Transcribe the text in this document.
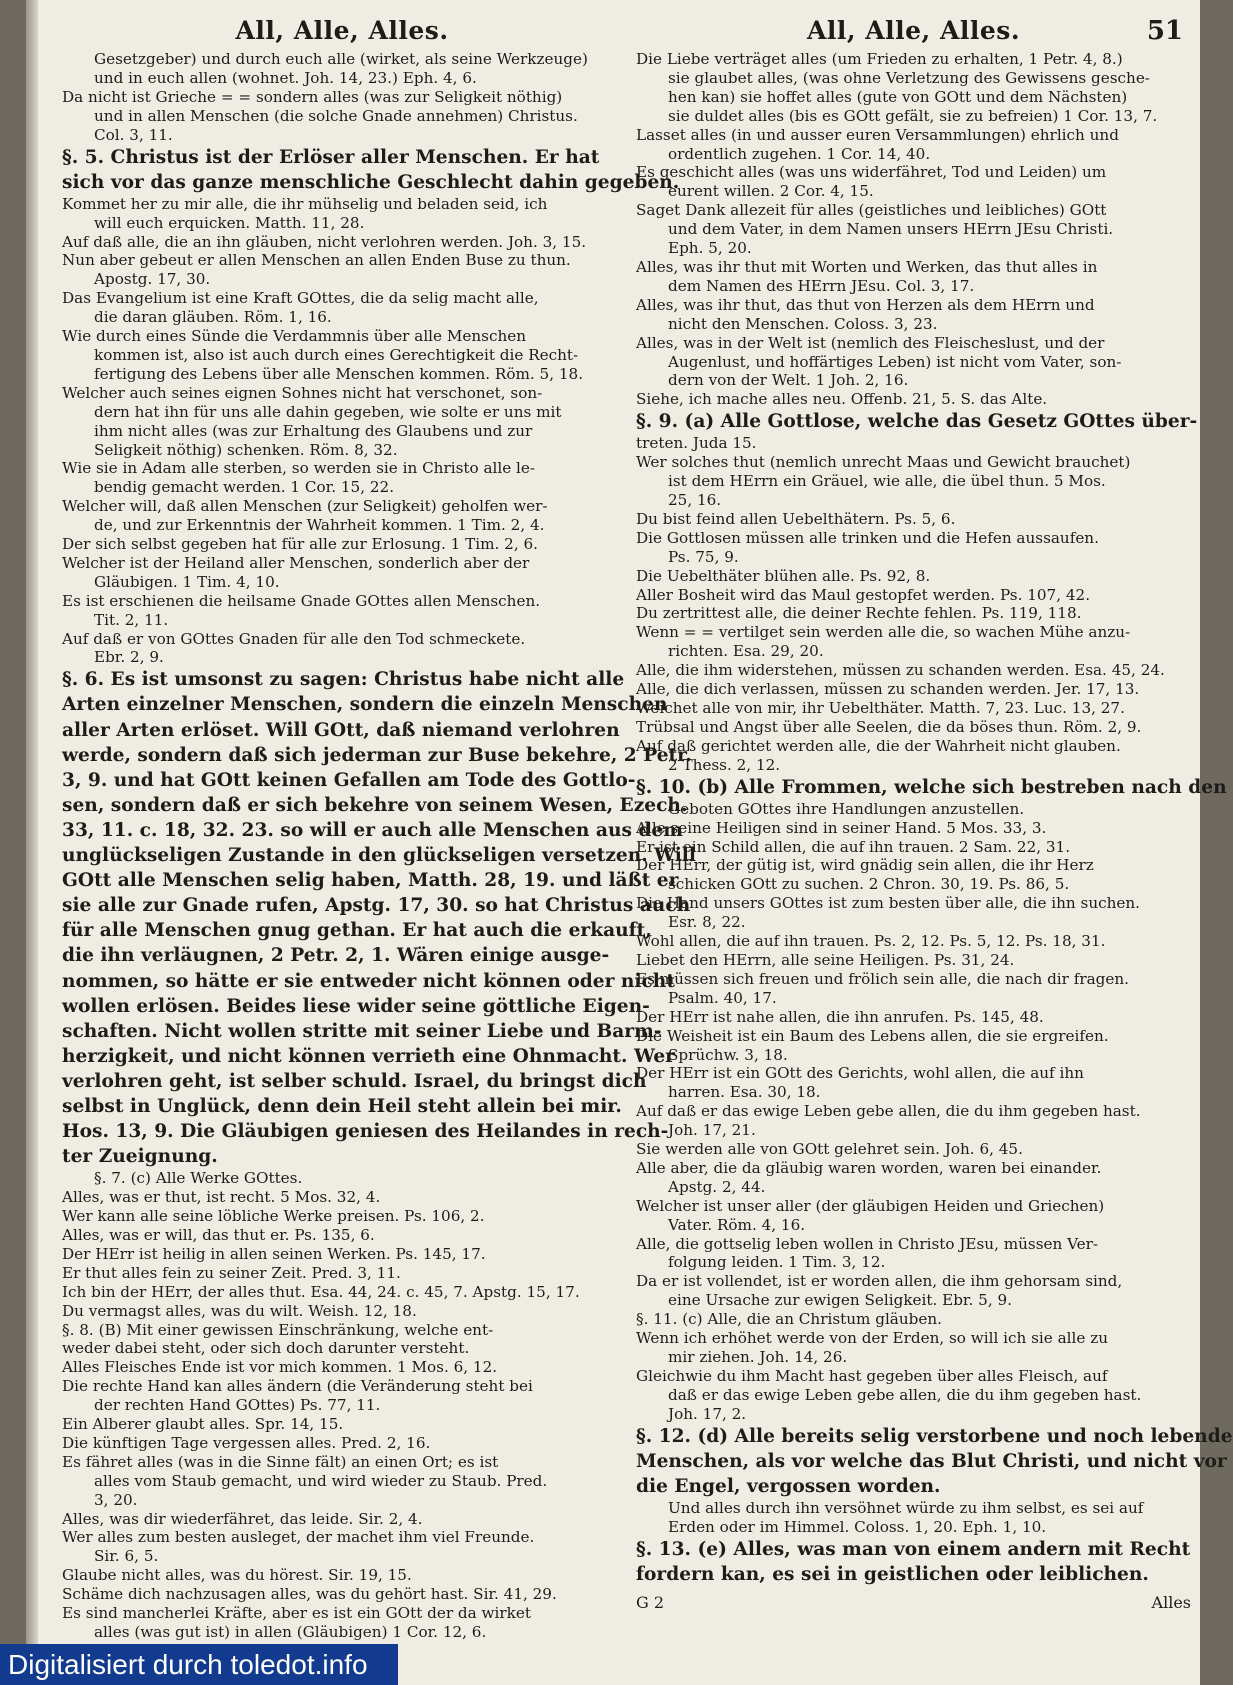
All, Alle, Alles.
Gesetzgeber) und durch euch alle (wirket, als seine Werkzeuge)
und in euch allen (wohnet. Joh. 14, 23.) Eph. 4, 6.
Da nicht ist Grieche = = sondern alles (was zur Seligkeit nöthig)
und in allen Menschen (die solche Gnade annehmen) Christus.
Col. 3, 11.
§. 5. Christus ist der Erlöser aller Menschen. Er hat
sich vor das ganze menschliche Geschlecht dahin gegeben.
Kommet her zu mir alle, die ihr mühselig und beladen seid, ich
will euch erquicken. Matth. 11, 28.
Auf daß alle, die an ihn gläuben, nicht verlohren werden. Joh. 3, 15.
Nun aber gebeut er allen Menschen an allen Enden Buse zu thun.
Apostg. 17, 30.
Das Evangelium ist eine Kraft GOttes, die da selig macht alle,
die daran gläuben. Röm. 1, 16.
Wie durch eines Sünde die Verdammnis über alle Menschen
kommen ist, also ist auch durch eines Gerechtigkeit die Recht-
fertigung des Lebens über alle Menschen kommen. Röm. 5, 18.
Welcher auch seines eignen Sohnes nicht hat verschonet, son-
dern hat ihn für uns alle dahin gegeben, wie solte er uns mit
ihm nicht alles (was zur Erhaltung des Glaubens und zur
Seligkeit nöthig) schenken. Röm. 8, 32.
Wie sie in Adam alle sterben, so werden sie in Christo alle le-
bendig gemacht werden. 1 Cor. 15, 22.
Welcher will, daß allen Menschen (zur Seligkeit) geholfen wer-
de, und zur Erkenntnis der Wahrheit kommen. 1 Tim. 2, 4.
Der sich selbst gegeben hat für alle zur Erlosung. 1 Tim. 2, 6.
Welcher ist der Heiland aller Menschen, sonderlich aber der
Gläubigen. 1 Tim. 4, 10.
Es ist erschienen die heilsame Gnade GOttes allen Menschen.
Tit. 2, 11.
Auf daß er von GOttes Gnaden für alle den Tod schmeckete.
Ebr. 2, 9.
§. 6. Es ist umsonst zu sagen: Christus habe nicht alle
Arten einzelner Menschen, sondern die einzeln Menschen
aller Arten erlöset. Will GOtt, daß niemand verlohren
werde, sondern daß sich jederman zur Buse bekehre, 2 Petr.
3, 9. und hat GOtt keinen Gefallen am Tode des Gottlo-
sen, sondern daß er sich bekehre von seinem Wesen, Ezech.
33, 11. c. 18, 32. 23. so will er auch alle Menschen aus dem
unglückseligen Zustande in den glückseligen versetzen. Will
GOtt alle Menschen selig haben, Matth. 28, 19. und läßt er
sie alle zur Gnade rufen, Apstg. 17, 30. so hat Christus auch
für alle Menschen gnug gethan. Er hat auch die erkauft,
die ihn verläugnen, 2 Petr. 2, 1. Wären einige ausge-
nommen, so hätte er sie entweder nicht können oder nicht
wollen erlösen. Beides liese wider seine göttliche Eigen-
schaften. Nicht wollen stritte mit seiner Liebe und Barm-
herzigkeit, und nicht können verrieth eine Ohnmacht. Wer
verlohren geht, ist selber schuld. Israel, du bringst dich
selbst in Unglück, denn dein Heil steht allein bei mir.
Hos. 13, 9. Die Gläubigen geniesen des Heilandes in rech-
ter Zueignung.
§. 7. (c) Alle Werke GOttes.
Alles, was er thut, ist recht. 5 Mos. 32, 4.
Wer kann alle seine löbliche Werke preisen. Ps. 106, 2.
Alles, was er will, das thut er. Ps. 135, 6.
Der HErr ist heilig in allen seinen Werken. Ps. 145, 17.
Er thut alles fein zu seiner Zeit. Pred. 3, 11.
Ich bin der HErr, der alles thut. Esa. 44, 24. c. 45, 7. Apstg. 15, 17.
Du vermagst alles, was du wilt. Weish. 12, 18.
§. 8. (B) Mit einer gewissen Einschränkung, welche ent-
weder dabei steht, oder sich doch darunter versteht.
Alles Fleisches Ende ist vor mich kommen. 1 Mos. 6, 12.
Die rechte Hand kan alles ändern (die Veränderung steht bei
der rechten Hand GOttes) Ps. 77, 11.
Ein Alberer glaubt alles. Spr. 14, 15.
Die künftigen Tage vergessen alles. Pred. 2, 16.
Es fähret alles (was in die Sinne fält) an einen Ort; es ist
alles vom Staub gemacht, und wird wieder zu Staub. Pred.
3, 20.
Alles, was dir wiederfähret, das leide. Sir. 2, 4.
Wer alles zum besten ausleget, der machet ihm viel Freunde.
Sir. 6, 5.
Glaube nicht alles, was du hörest. Sir. 19, 15.
Schäme dich nachzusagen alles, was du gehört hast. Sir. 41, 29.
Es sind mancherlei Kräfte, aber es ist ein GOtt der da wirket
alles (was gut ist) in allen (Gläubigen) 1 Cor. 12, 6.
All, Alle, Alles.	51
Die Liebe verträget alles (um Frieden zu erhalten, 1 Petr. 4, 8.)
sie glaubet alles, (was ohne Verletzung des Gewissens gesche-
hen kan) sie hoffet alles (gute von GOtt und dem Nächsten)
sie duldet alles (bis es GOtt gefält, sie zu befreien) 1 Cor. 13, 7.
Lasset alles (in und ausser euren Versammlungen) ehrlich und
ordentlich zugehen. 1 Cor. 14, 40.
Es geschicht alles (was uns widerfähret, Tod und Leiden) um
eurent willen. 2 Cor. 4, 15.
Saget Dank allezeit für alles (geistliches und leibliches) GOtt
und dem Vater, in dem Namen unsers HErrn JEsu Christi.
Eph. 5, 20.
Alles, was ihr thut mit Worten und Werken, das thut alles in
dem Namen des HErrn JEsu. Col. 3, 17.
Alles, was ihr thut, das thut von Herzen als dem HErrn und
nicht den Menschen. Coloss. 3, 23.
Alles, was in der Welt ist (nemlich des Fleischeslust, und der
Augenlust, und hoffärtiges Leben) ist nicht vom Vater, son-
dern von der Welt. 1 Joh. 2, 16.
Siehe, ich mache alles neu. Offenb. 21, 5. S. das Alte.
§. 9. (a) Alle Gottlose, welche das Gesetz GOttes über-
treten. Juda 15.
Wer solches thut (nemlich unrecht Maas und Gewicht brauchet)
ist dem HErrn ein Gräuel, wie alle, die übel thun. 5 Mos.
25, 16.
Du bist feind allen Uebelthätern. Ps. 5, 6.
Die Gottlosen müssen alle trinken und die Hefen aussaufen.
Ps. 75, 9.
Die Uebelthäter blühen alle. Ps. 92, 8.
Aller Bosheit wird das Maul gestopfet werden. Ps. 107, 42.
Du zertrittest alle, die deiner Rechte fehlen. Ps. 119, 118.
Wenn = = vertilget sein werden alle die, so wachen Mühe anzu-
richten. Esa. 29, 20.
Alle, die ihm widerstehen, müssen zu schanden werden. Esa. 45, 24.
Alle, die dich verlassen, müssen zu schanden werden. Jer. 17, 13.
Weichet alle von mir, ihr Uebelthäter. Matth. 7, 23. Luc. 13, 27.
Trübsal und Angst über alle Seelen, die da böses thun. Röm. 2, 9.
Auf daß gerichtet werden alle, die der Wahrheit nicht glauben.
2 Thess. 2, 12.
§. 10. (b) Alle Frommen, welche sich bestreben nach den
Geboten GOttes ihre Handlungen anzustellen.
Alle seine Heiligen sind in seiner Hand. 5 Mos. 33, 3.
Er ist ein Schild allen, die auf ihn trauen. 2 Sam. 22, 31.
Der HErr, der gütig ist, wird gnädig sein allen, die ihr Herz
schicken GOtt zu suchen. 2 Chron. 30, 19. Ps. 86, 5.
Die Hand unsers GOttes ist zum besten über alle, die ihn suchen.
Esr. 8, 22.
Wohl allen, die auf ihn trauen. Ps. 2, 12. Ps. 5, 12. Ps. 18, 31.
Liebet den HErrn, alle seine Heiligen. Ps. 31, 24.
Es müssen sich freuen und frölich sein alle, die nach dir fragen.
Psalm. 40, 17.
Der HErr ist nahe allen, die ihn anrufen. Ps. 145, 48.
Die Weisheit ist ein Baum des Lebens allen, die sie ergreifen.
Sprüchw. 3, 18.
Der HErr ist ein GOtt des Gerichts, wohl allen, die auf ihn
harren. Esa. 30, 18.
Auf daß er das ewige Leben gebe allen, die du ihm gegeben hast.
Joh. 17, 21.
Sie werden alle von GOtt gelehret sein. Joh. 6, 45.
Alle aber, die da gläubig waren worden, waren bei einander.
Apstg. 2, 44.
Welcher ist unser aller (der gläubigen Heiden und Griechen)
Vater. Röm. 4, 16.
Alle, die gottselig leben wollen in Christo JEsu, müssen Ver-
folgung leiden. 1 Tim. 3, 12.
Da er ist vollendet, ist er worden allen, die ihm gehorsam sind,
eine Ursache zur ewigen Seligkeit. Ebr. 5, 9.
§. 11. (c) Alle, die an Christum gläuben.
Wenn ich erhöhet werde von der Erden, so will ich sie alle zu
mir ziehen. Joh. 14, 26.
Gleichwie du ihm Macht hast gegeben über alles Fleisch, auf
daß er das ewige Leben gebe allen, die du ihm gegeben hast.
Joh. 17, 2.
§. 12. (d) Alle bereits selig verstorbene und noch lebende
Menschen, als vor welche das Blut Christi, und nicht vor
die Engel, vergossen worden.
Und alles durch ihn versöhnet würde zu ihm selbst, es sei auf
Erden oder im Himmel. Coloss. 1, 20. Eph. 1, 10.
§. 13. (e) Alles, was man von einem andern mit Recht
fordern kan, es sei in geistlichen oder leiblichen.
G 2	Alles
Digitalisiert durch toledot.info
